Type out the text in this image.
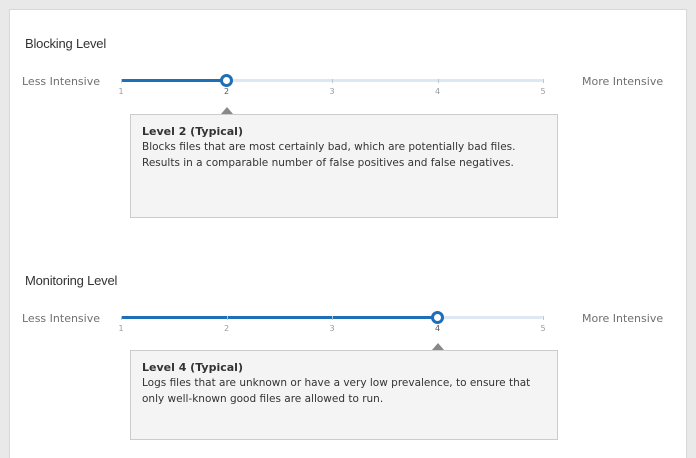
Blocking Level
Less Intensive	More Intensive
1	2	3	4	5
Level 2 (Typical)
Blocks files that are most certainly bad, which are potentially bad files. Results in a comparable number of false positives and false negatives.
Monitoring Level
Less Intensive	More Intensive
1	2	3	4	5
Level 4 (Typical)
Logs files that are unknown or have a very low prevalence, to ensure that only well-known good files are allowed to run.
